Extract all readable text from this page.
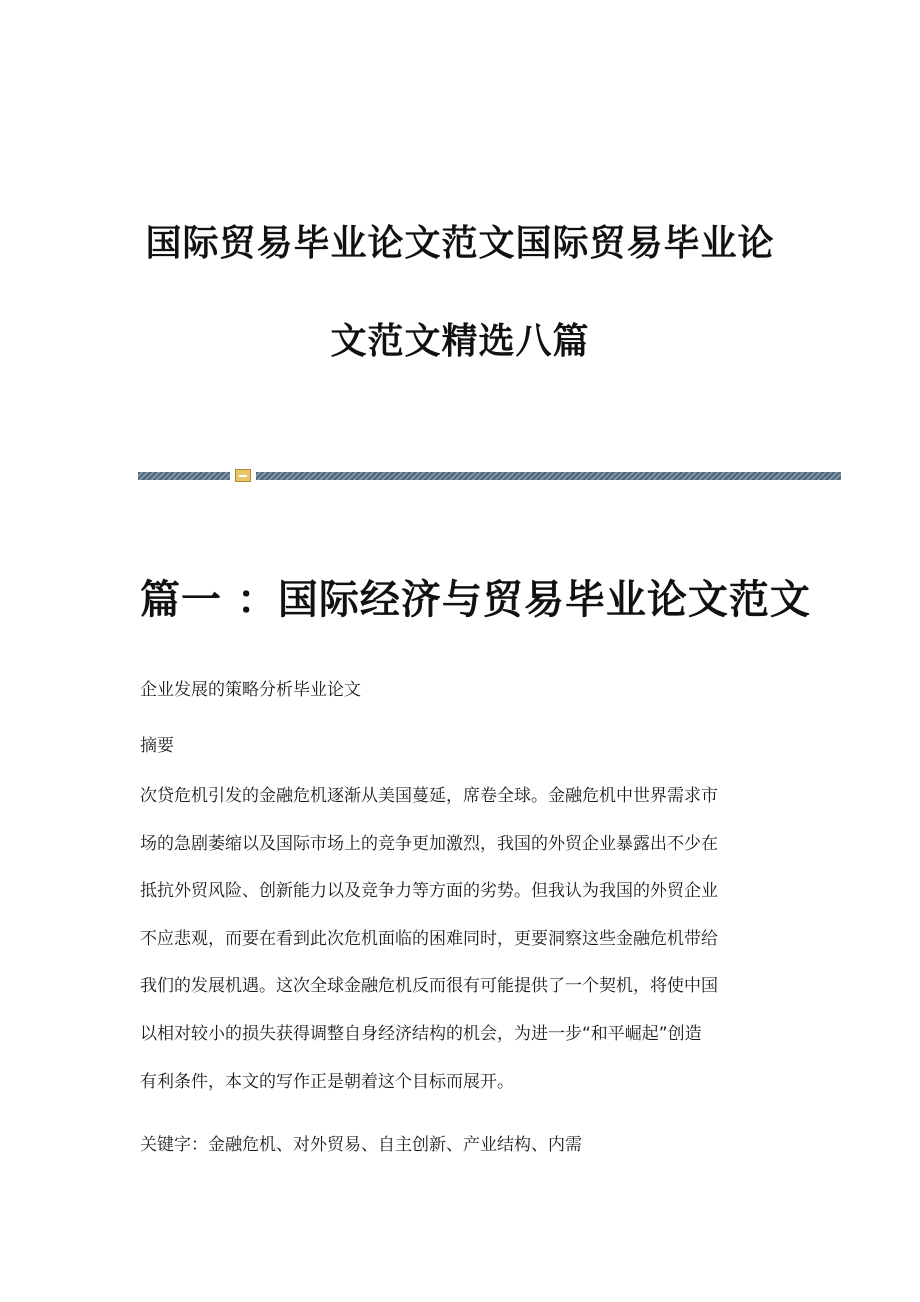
国际贸易毕业论文范文国际贸易毕业论
文范文精选八篇
篇一 ：国际经济与贸易毕业论文范文

企业发展的策略分析毕业论文

摘要

次贷危机引发的金融危机逐渐从美国蔓延，席卷全球。金融危机中世界需求市
场的急剧萎缩以及国际市场上的竞争更加激烈，我国的外贸企业暴露出不少在
抵抗外贸风险、创新能力以及竞争力等方面的劣势。但我认为我国的外贸企业
不应悲观，而要在看到此次危机面临的困难同时，更要洞察这些金融危机带给
我们的发展机遇。这次全球金融危机反而很有可能提供了一个契机，将使中国
以相对较小的损失获得调整自身经济结构的机会，为进一步“和平崛起”创造
有利条件，本文的写作正是朝着这个目标而展开。

关键字：金融危机、对外贸易、自主创新、产业结构、内需
